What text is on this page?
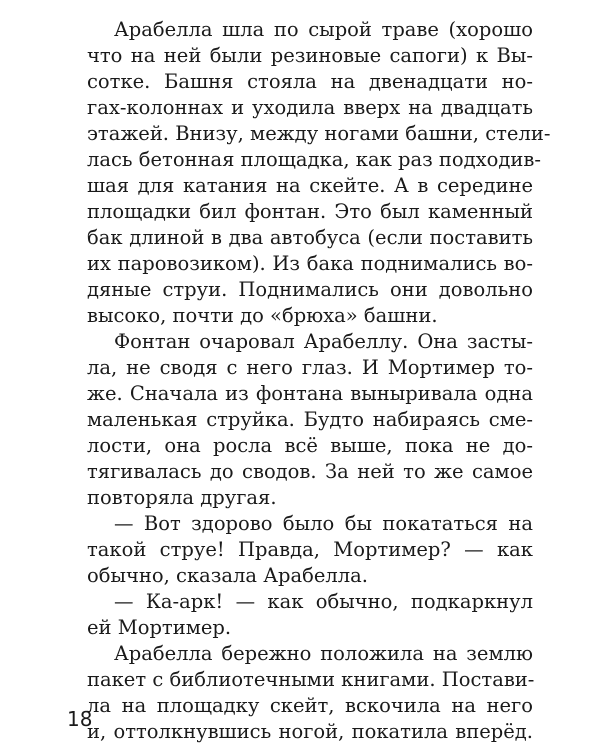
Арабелла шла по сырой траве (хорошо
что на ней были резиновые сапоги) к Вы-
сотке. Башня стояла на двенадцати но-
гах-колоннах и уходила вверх на двадцать
этажей. Внизу, между ногами башни, стели-
лась бетонная площадка, как раз подходив-
шая для катания на скейте. А в середине
площадки бил фонтан. Это был каменный
бак длиной в два автобуса (если поставить
их паровозиком). Из бака поднимались во-
дяные струи. Поднимались они довольно
высоко, почти до «брюха» башни.
Фонтан очаровал Арабеллу. Она засты-
ла, не сводя с него глаз. И Мортимер то-
же. Сначала из фонтана выныривала одна
маленькая струйка. Будто набираясь сме-
лости, она росла всё выше, пока не до-
тягивалась до сводов. За ней то же самое
повторяла другая.
— Вот здорово было бы покататься на
такой струе! Правда, Мортимер? — как
обычно, сказала Арабелла.
— Ка-арк! — как обычно, подкаркнул
ей Мортимер.
Арабелла бережно положила на землю
пакет с библиотечными книгами. Постави-
ла на площадку скейт, вскочила на него
и, оттолкнувшись ногой, покатила вперёд.
18
